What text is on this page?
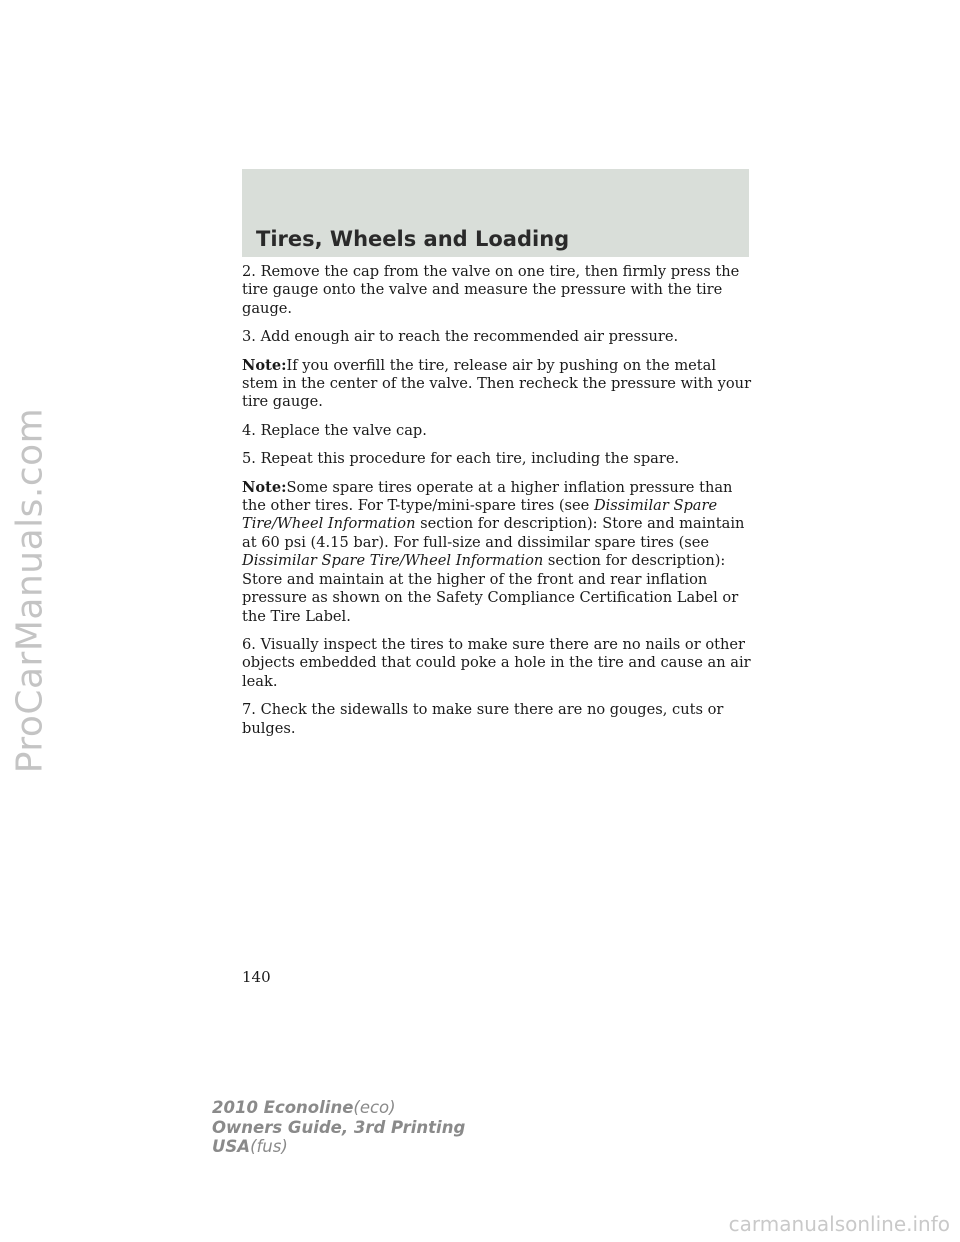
ProCarManuals.com
Tires, Wheels and Loading

2. Remove the cap from the valve on one tire, then firmly press the tire gauge onto the valve and measure the pressure with the tire gauge.

3. Add enough air to reach the recommended air pressure.

Note:If you overfill the tire, release air by pushing on the metal stem in the center of the valve. Then recheck the pressure with your tire gauge.

4. Replace the valve cap.

5. Repeat this procedure for each tire, including the spare.

Note:Some spare tires operate at a higher inflation pressure than the other tires. For T-type/mini-spare tires (see Dissimilar Spare Tire/Wheel Information section for description): Store and maintain at 60 psi (4.15 bar). For full-size and dissimilar spare tires (see Dissimilar Spare Tire/Wheel Information section for description): Store and maintain at the higher of the front and rear inflation pressure as shown on the Safety Compliance Certification Label or the Tire Label.

6. Visually inspect the tires to make sure there are no nails or other objects embedded that could poke a hole in the tire and cause an air leak.

7. Check the sidewalls to make sure there are no gouges, cuts or bulges.

140

2010 Econoline(eco)
Owners Guide, 3rd Printing
USA(fus)
carmanualsonline.info
